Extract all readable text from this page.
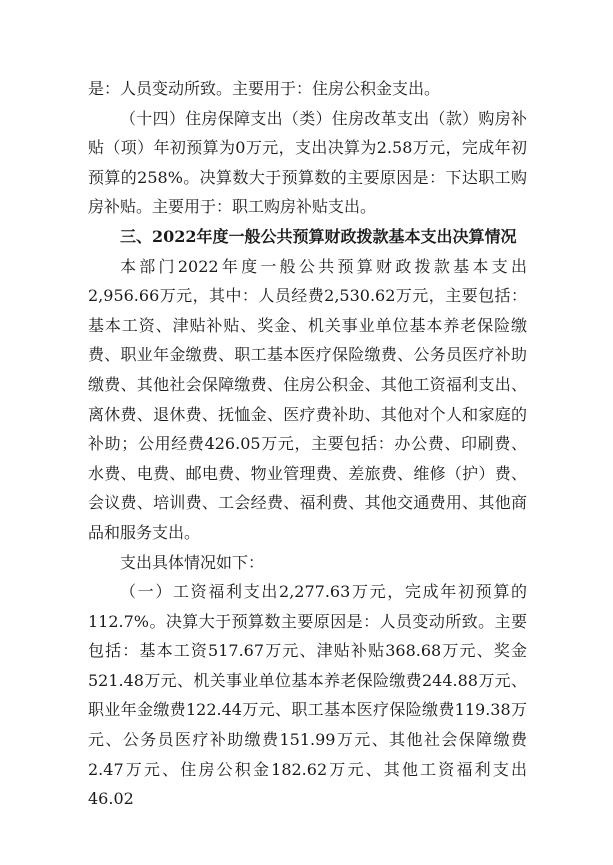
是：人员变动所致。主要用于：住房公积金支出。

（十四）住房保障支出（类）住房改革支出（款）购房补贴（项）年初预算为0万元，支出决算为2.58万元，完成年初预算的258%。决算数大于预算数的主要原因是：下达职工购房补贴。主要用于：职工购房补贴支出。

三、2022年度一般公共预算财政拨款基本支出决算情况

本部门2022年度一般公共预算财政拨款基本支出2,956.66万元，其中：人员经费2,530.62万元，主要包括：基本工资、津贴补贴、奖金、机关事业单位基本养老保险缴费、职业年金缴费、职工基本医疗保险缴费、公务员医疗补助缴费、其他社会保障缴费、住房公积金、其他工资福利支出、离休费、退休费、抚恤金、医疗费补助、其他对个人和家庭的补助；公用经费426.05万元，主要包括：办公费、印刷费、水费、电费、邮电费、物业管理费、差旅费、维修（护）费、会议费、培训费、工会经费、福利费、其他交通费用、其他商品和服务支出。

支出具体情况如下：

（一）工资福利支出2,277.63万元，完成年初预算的112.7%。决算大于预算数主要原因是：人员变动所致。主要包括：基本工资517.67万元、津贴补贴368.68万元、奖金521.48万元、机关事业单位基本养老保险缴费244.88万元、职业年金缴费122.44万元、职工基本医疗保险缴费119.38万元、公务员医疗补助缴费151.99万元、其他社会保障缴费2.47万元、住房公积金182.62万元、其他工资福利支出46.02
